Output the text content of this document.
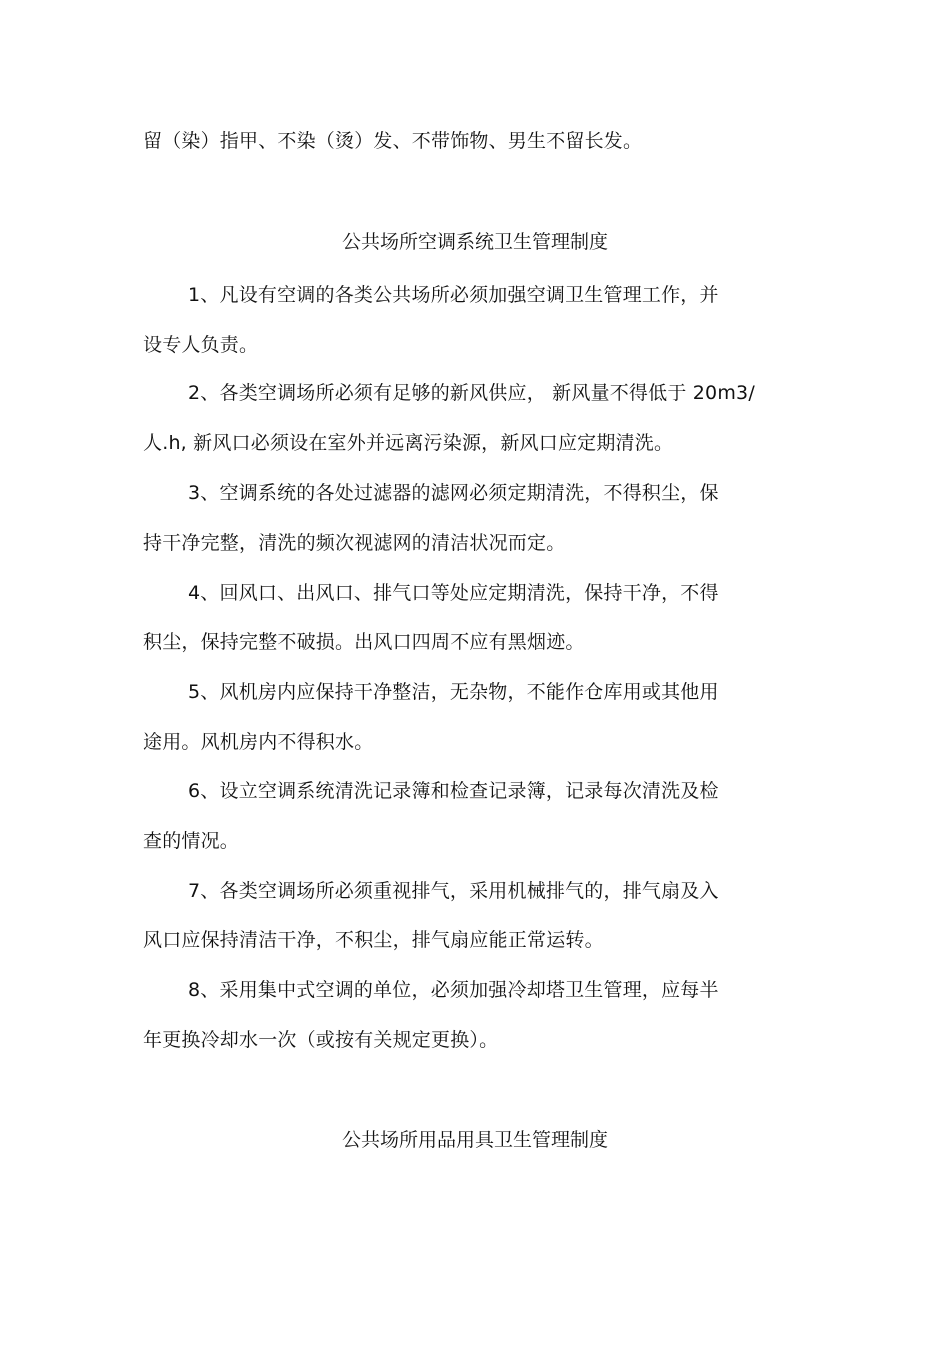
留（染）指甲、不染（烫）发、不带饰物、男生不留长发。
公共场所空调系统卫生管理制度
1、凡设有空调的各类公共场所必须加强空调卫生管理工作，并
设专人负责。
2、各类空调场所必须有足够的新风供应， 新风量不得低于 20m3/
人.h, 新风口必须设在室外并远离污染源，新风口应定期清洗。
3、空调系统的各处过滤器的滤网必须定期清洗，不得积尘，保
持干净完整，清洗的频次视滤网的清洁状况而定。
4、回风口、出风口、排气口等处应定期清洗，保持干净，不得
积尘，保持完整不破损。出风口四周不应有黑烟迹。
5、风机房内应保持干净整洁，无杂物，不能作仓库用或其他用
途用。风机房内不得积水。
6、设立空调系统清洗记录簿和检查记录簿，记录每次清洗及检
查的情况。
7、各类空调场所必须重视排气，采用机械排气的，排气扇及入
风口应保持清洁干净，不积尘，排气扇应能正常运转。
8、采用集中式空调的单位，必须加强冷却塔卫生管理，应每半
年更换冷却水一次（或按有关规定更换）。
公共场所用品用具卫生管理制度
